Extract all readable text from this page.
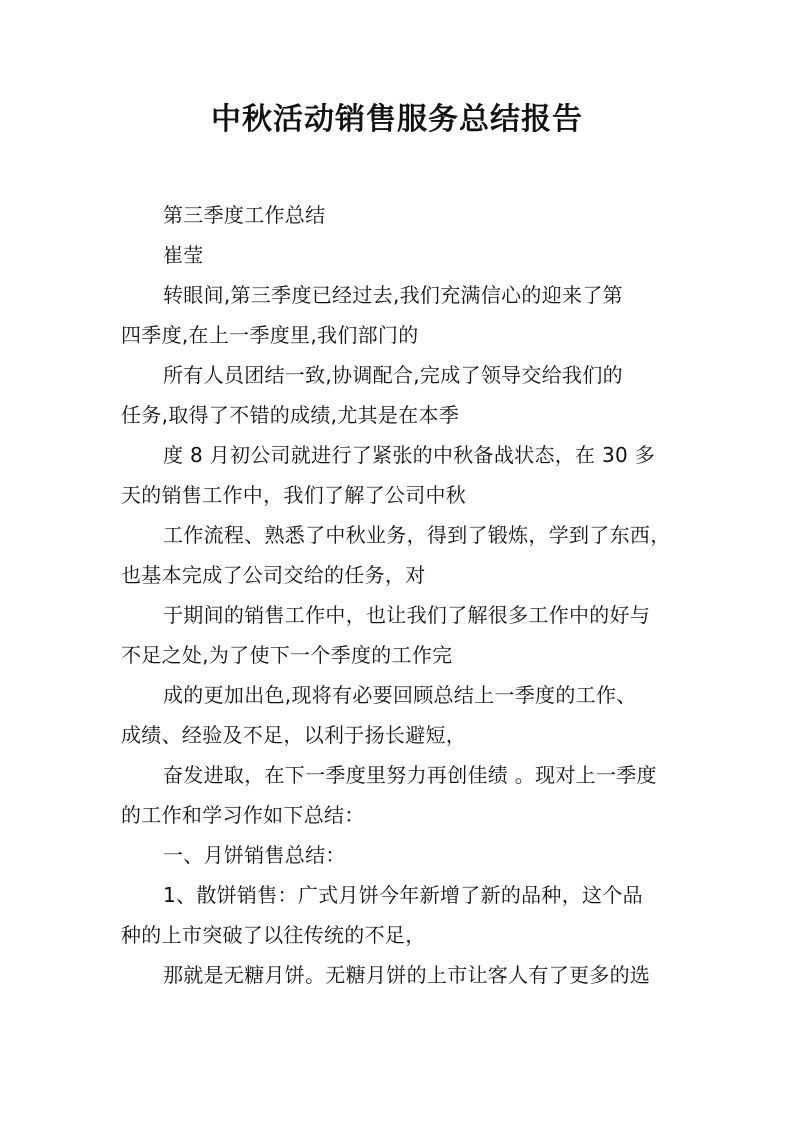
中秋活动销售服务总结报告

第三季度工作总结

崔莹

转眼间,第三季度已经过去,我们充满信心的迎来了第
四季度,在上一季度里,我们部门的

所有人员团结一致,协调配合,完成了领导交给我们的
任务,取得了不错的成绩,尤其是在本季

度 8 月初公司就进行了紧张的中秋备战状态，在 30 多
天的销售工作中，我们了解了公司中秋

工作流程、熟悉了中秋业务，得到了锻炼，学到了东西，
也基本完成了公司交给的任务，对

于期间的销售工作中，也让我们了解很多工作中的好与
不足之处,为了使下一个季度的工作完

成的更加出色,现将有必要回顾总结上一季度的工作、
成绩、经验及不足，以利于扬长避短，

奋发进取，在下一季度里努力再创佳绩 。现对上一季度
的工作和学习作如下总结：

一、月饼销售总结：

1、散饼销售：广式月饼今年新增了新的品种，这个品
种的上市突破了以往传统的不足，

那就是无糖月饼。无糖月饼的上市让客人有了更多的选
